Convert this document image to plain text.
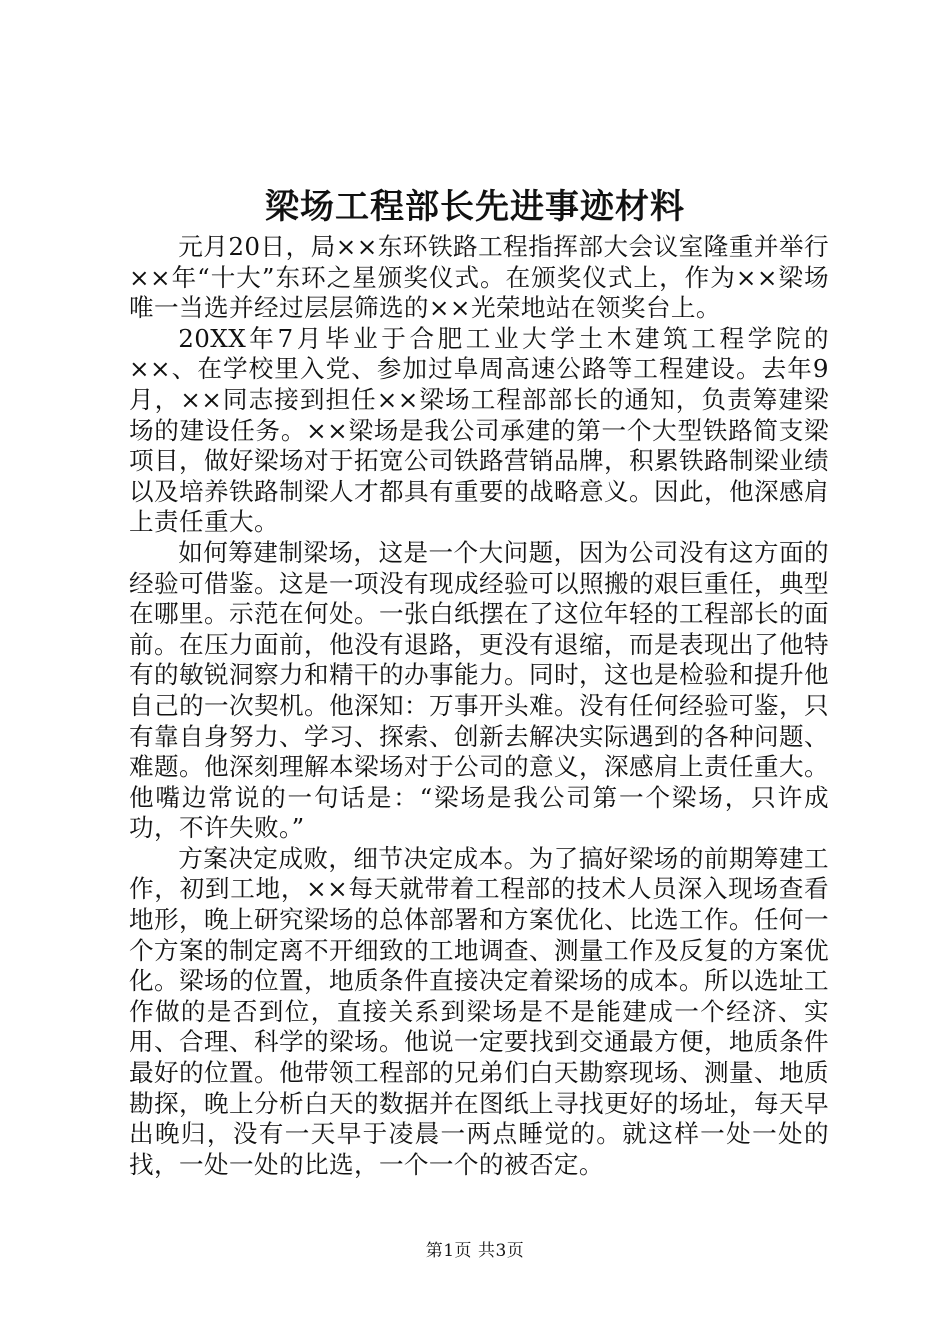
梁场工程部长先进事迹材料

元月20日，局××东环铁路工程指挥部大会议室隆重并举行××年“十大”东环之星颁奖仪式。在颁奖仪式上，作为××梁场唯一当选并经过层层筛选的××光荣地站在领奖台上。

20XX年7月毕业于合肥工业大学土木建筑工程学院的××、在学校里入党、参加过阜周高速公路等工程建设。去年9月，××同志接到担任××梁场工程部部长的通知，负责筹建梁场的建设任务。××梁场是我公司承建的第一个大型铁路简支梁项目，做好梁场对于拓宽公司铁路营销品牌，积累铁路制梁业绩以及培养铁路制梁人才都具有重要的战略意义。因此，他深感肩上责任重大。

如何筹建制梁场，这是一个大问题，因为公司没有这方面的经验可借鉴。这是一项没有现成经验可以照搬的艰巨重任，典型在哪里。示范在何处。一张白纸摆在了这位年轻的工程部长的面前。在压力面前，他没有退路，更没有退缩，而是表现出了他特有的敏锐洞察力和精干的办事能力。同时，这也是检验和提升他自己的一次契机。他深知：万事开头难。没有任何经验可鉴，只有靠自身努力、学习、探索、创新去解决实际遇到的各种问题、难题。他深刻理解本梁场对于公司的意义，深感肩上责任重大。他嘴边常说的一句话是：“梁场是我公司第一个梁场，只许成功，不许失败。”

方案决定成败，细节决定成本。为了搞好梁场的前期筹建工作，初到工地，××每天就带着工程部的技术人员深入现场查看地形，晚上研究梁场的总体部署和方案优化、比选工作。任何一个方案的制定离不开细致的工地调查、测量工作及反复的方案优化。梁场的位置，地质条件直接决定着梁场的成本。所以选址工作做的是否到位，直接关系到梁场是不是能建成一个经济、实用、合理、科学的梁场。他说一定要找到交通最方便，地质条件最好的位置。他带领工程部的兄弟们白天勘察现场、测量、地质勘探，晚上分析白天的数据并在图纸上寻找更好的场址，每天早出晚归，没有一天早于凌晨一两点睡觉的。就这样一处一处的找，一处一处的比选，一个一个的被否定。

第1页 共3页
